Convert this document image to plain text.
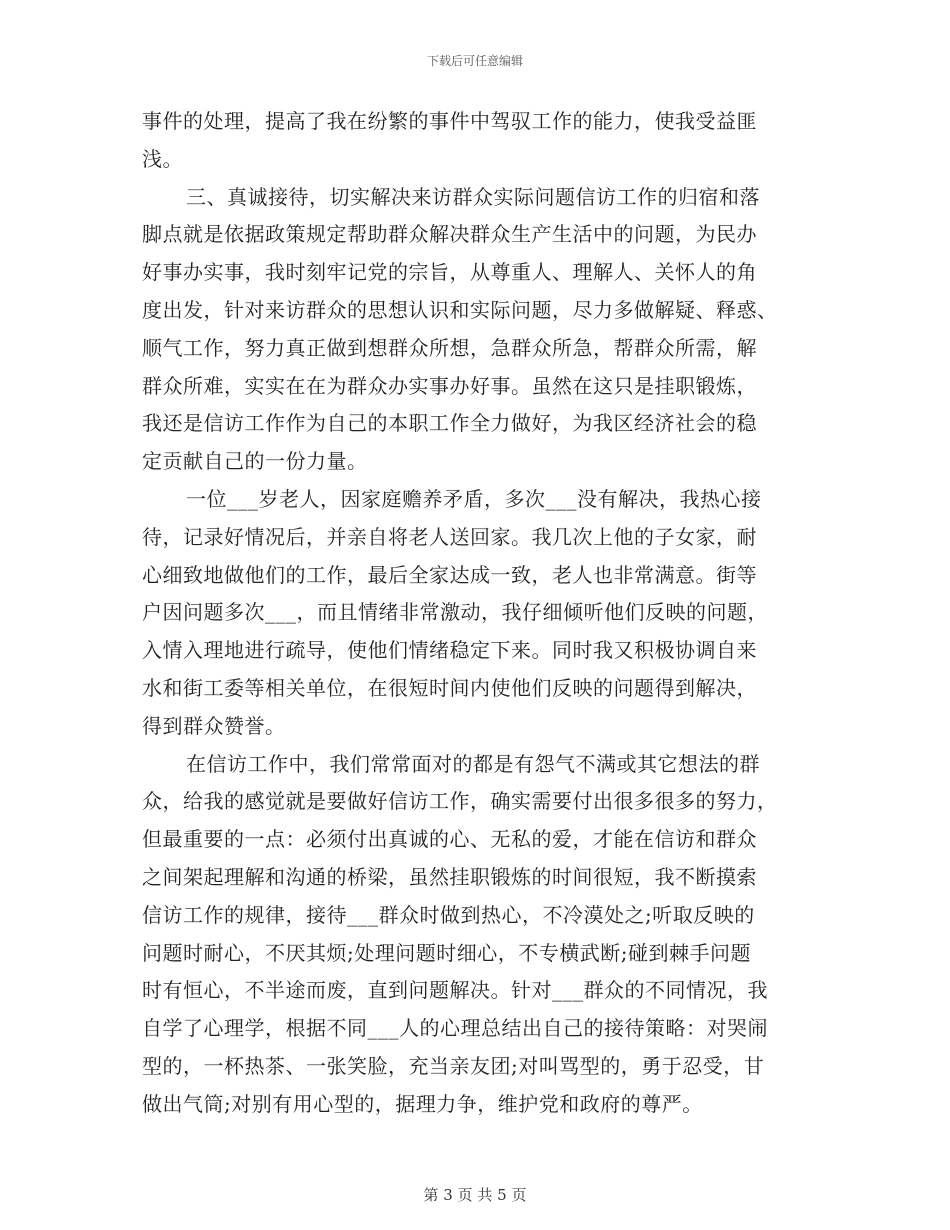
下载后可任意编辑
事件的处理，提高了我在纷繁的事件中驾驭工作的能力，使我受益匪
浅。
三、真诚接待，切实解决来访群众实际问题信访工作的归宿和落
脚点就是依据政策规定帮助群众解决群众生产生活中的问题，为民办
好事办实事，我时刻牢记党的宗旨，从尊重人、理解人、关怀人的角
度出发，针对来访群众的思想认识和实际问题，尽力多做解疑、释惑、
顺气工作，努力真正做到想群众所想，急群众所急，帮群众所需，解
群众所难，实实在在为群众办实事办好事。虽然在这只是挂职锻炼，
我还是信访工作作为自己的本职工作全力做好，为我区经济社会的稳
定贡献自己的一份力量。
一位___岁老人，因家庭赡养矛盾，多次___没有解决，我热心接
待，记录好情况后，并亲自将老人送回家。我几次上他的子女家，耐
心细致地做他们的工作，最后全家达成一致，老人也非常满意。街等
户因问题多次___，而且情绪非常激动，我仔细倾听他们反映的问题，
入情入理地进行疏导，使他们情绪稳定下来。同时我又积极协调自来
水和街工委等相关单位，在很短时间内使他们反映的问题得到解决，
得到群众赞誉。
在信访工作中，我们常常面对的都是有怨气不满或其它想法的群
众，给我的感觉就是要做好信访工作，确实需要付出很多很多的努力，
但最重要的一点：必须付出真诚的心、无私的爱，才能在信访和群众
之间架起理解和沟通的桥梁，虽然挂职锻炼的时间很短，我不断摸索
信访工作的规律，接待___群众时做到热心，不冷漠处之;听取反映的
问题时耐心，不厌其烦;处理问题时细心，不专横武断;碰到棘手问题
时有恒心，不半途而废，直到问题解决。针对___群众的不同情况，我
自学了心理学，根据不同___人的心理总结出自己的接待策略：对哭闹
型的，一杯热茶、一张笑脸，充当亲友团;对叫骂型的，勇于忍受，甘
做出气筒;对别有用心型的，据理力争，维护党和政府的尊严。
第 3 页 共 5 页
